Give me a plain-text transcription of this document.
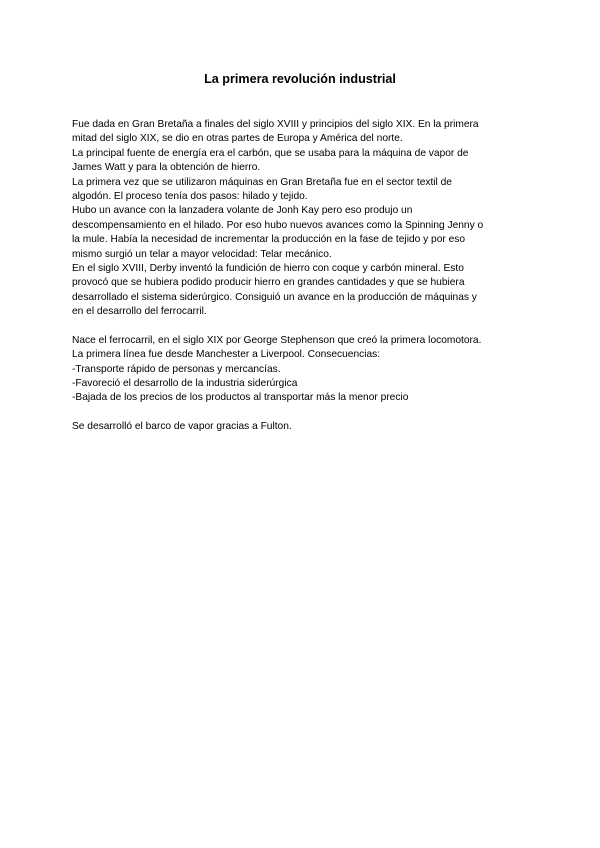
La primera revolución industrial
Fue dada en Gran Bretaña a finales del siglo XVIII y principios del siglo XIX. En la primera
mitad del siglo XIX, se dio en otras partes de Europa y América del norte.
La principal fuente de energía era el carbón, que se usaba para la máquina de vapor de
James Watt y para la obtención de hierro.
La primera vez que se utilizaron máquinas en Gran Bretaña fue en el sector textil de
algodón. El proceso tenía dos pasos: hilado y tejido.
Hubo un avance con la lanzadera volante de Jonh Kay pero eso produjo un
descompensamiento en el hilado. Por eso hubo nuevos avances como la Spinning Jenny o
la mule. Había la necesidad de incrementar la producción en la fase de tejido y por eso
mismo surgió un telar a mayor velocidad: Telar mecánico.
En el siglo XVIII, Derby inventó la fundición de hierro con coque y carbón mineral. Esto
provocó que se hubiera podido producir hierro en grandes cantidades y que se hubiera
desarrollado el sistema siderúrgico. Consiguió un avance en la producción de máquinas y
en el desarrollo del ferrocarril.
Nace el ferrocarril, en el siglo XIX por George Stephenson que creó la primera locomotora.
La primera línea fue desde Manchester a Liverpool. Consecuencias:
-Transporte rápido de personas y mercancías.
-Favoreció el desarrollo de la industria siderúrgica
-Bajada de los precios de los productos al transportar más la menor precio
Se desarrolló el barco de vapor gracias a Fulton.
